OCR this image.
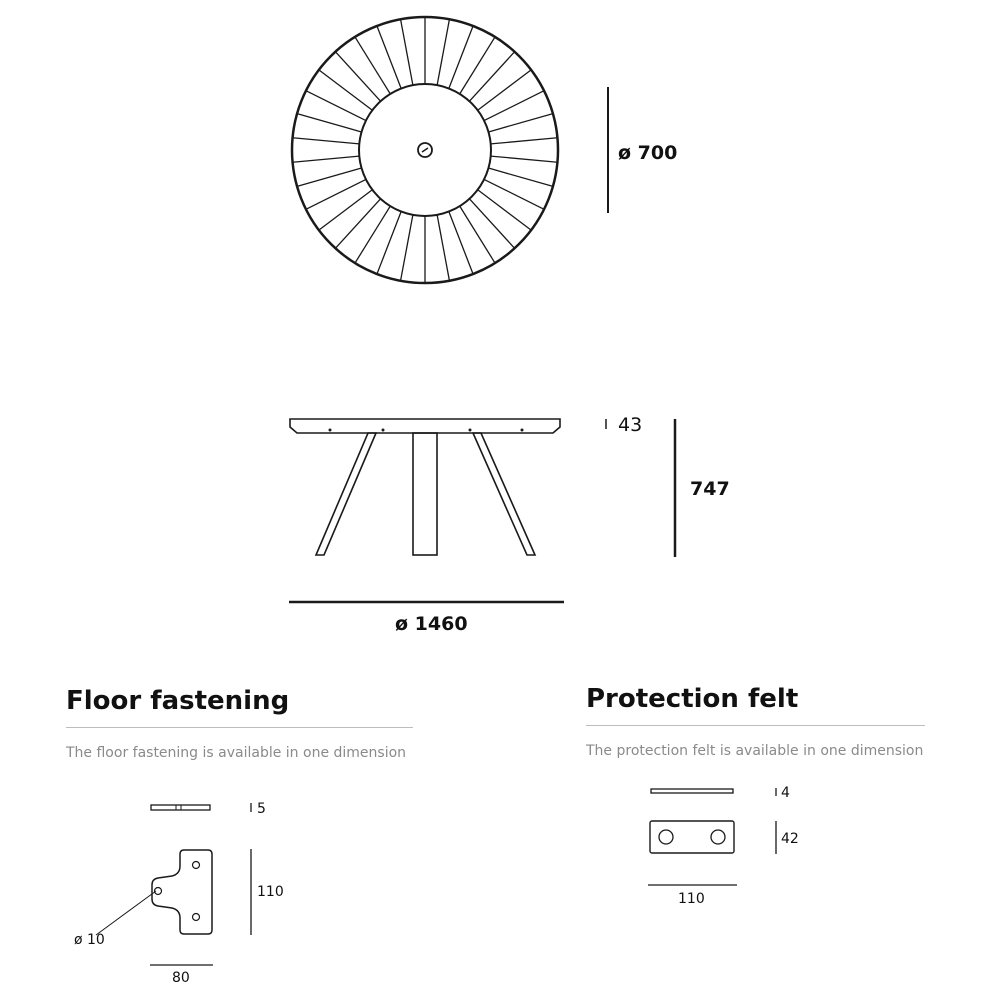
ø 700
43
747
ø 1460
5
ø 10
110
80
4
42
110
Floor fastening

The floor fastening is available in one dimension

Protection felt

The protection felt is available in one dimension
